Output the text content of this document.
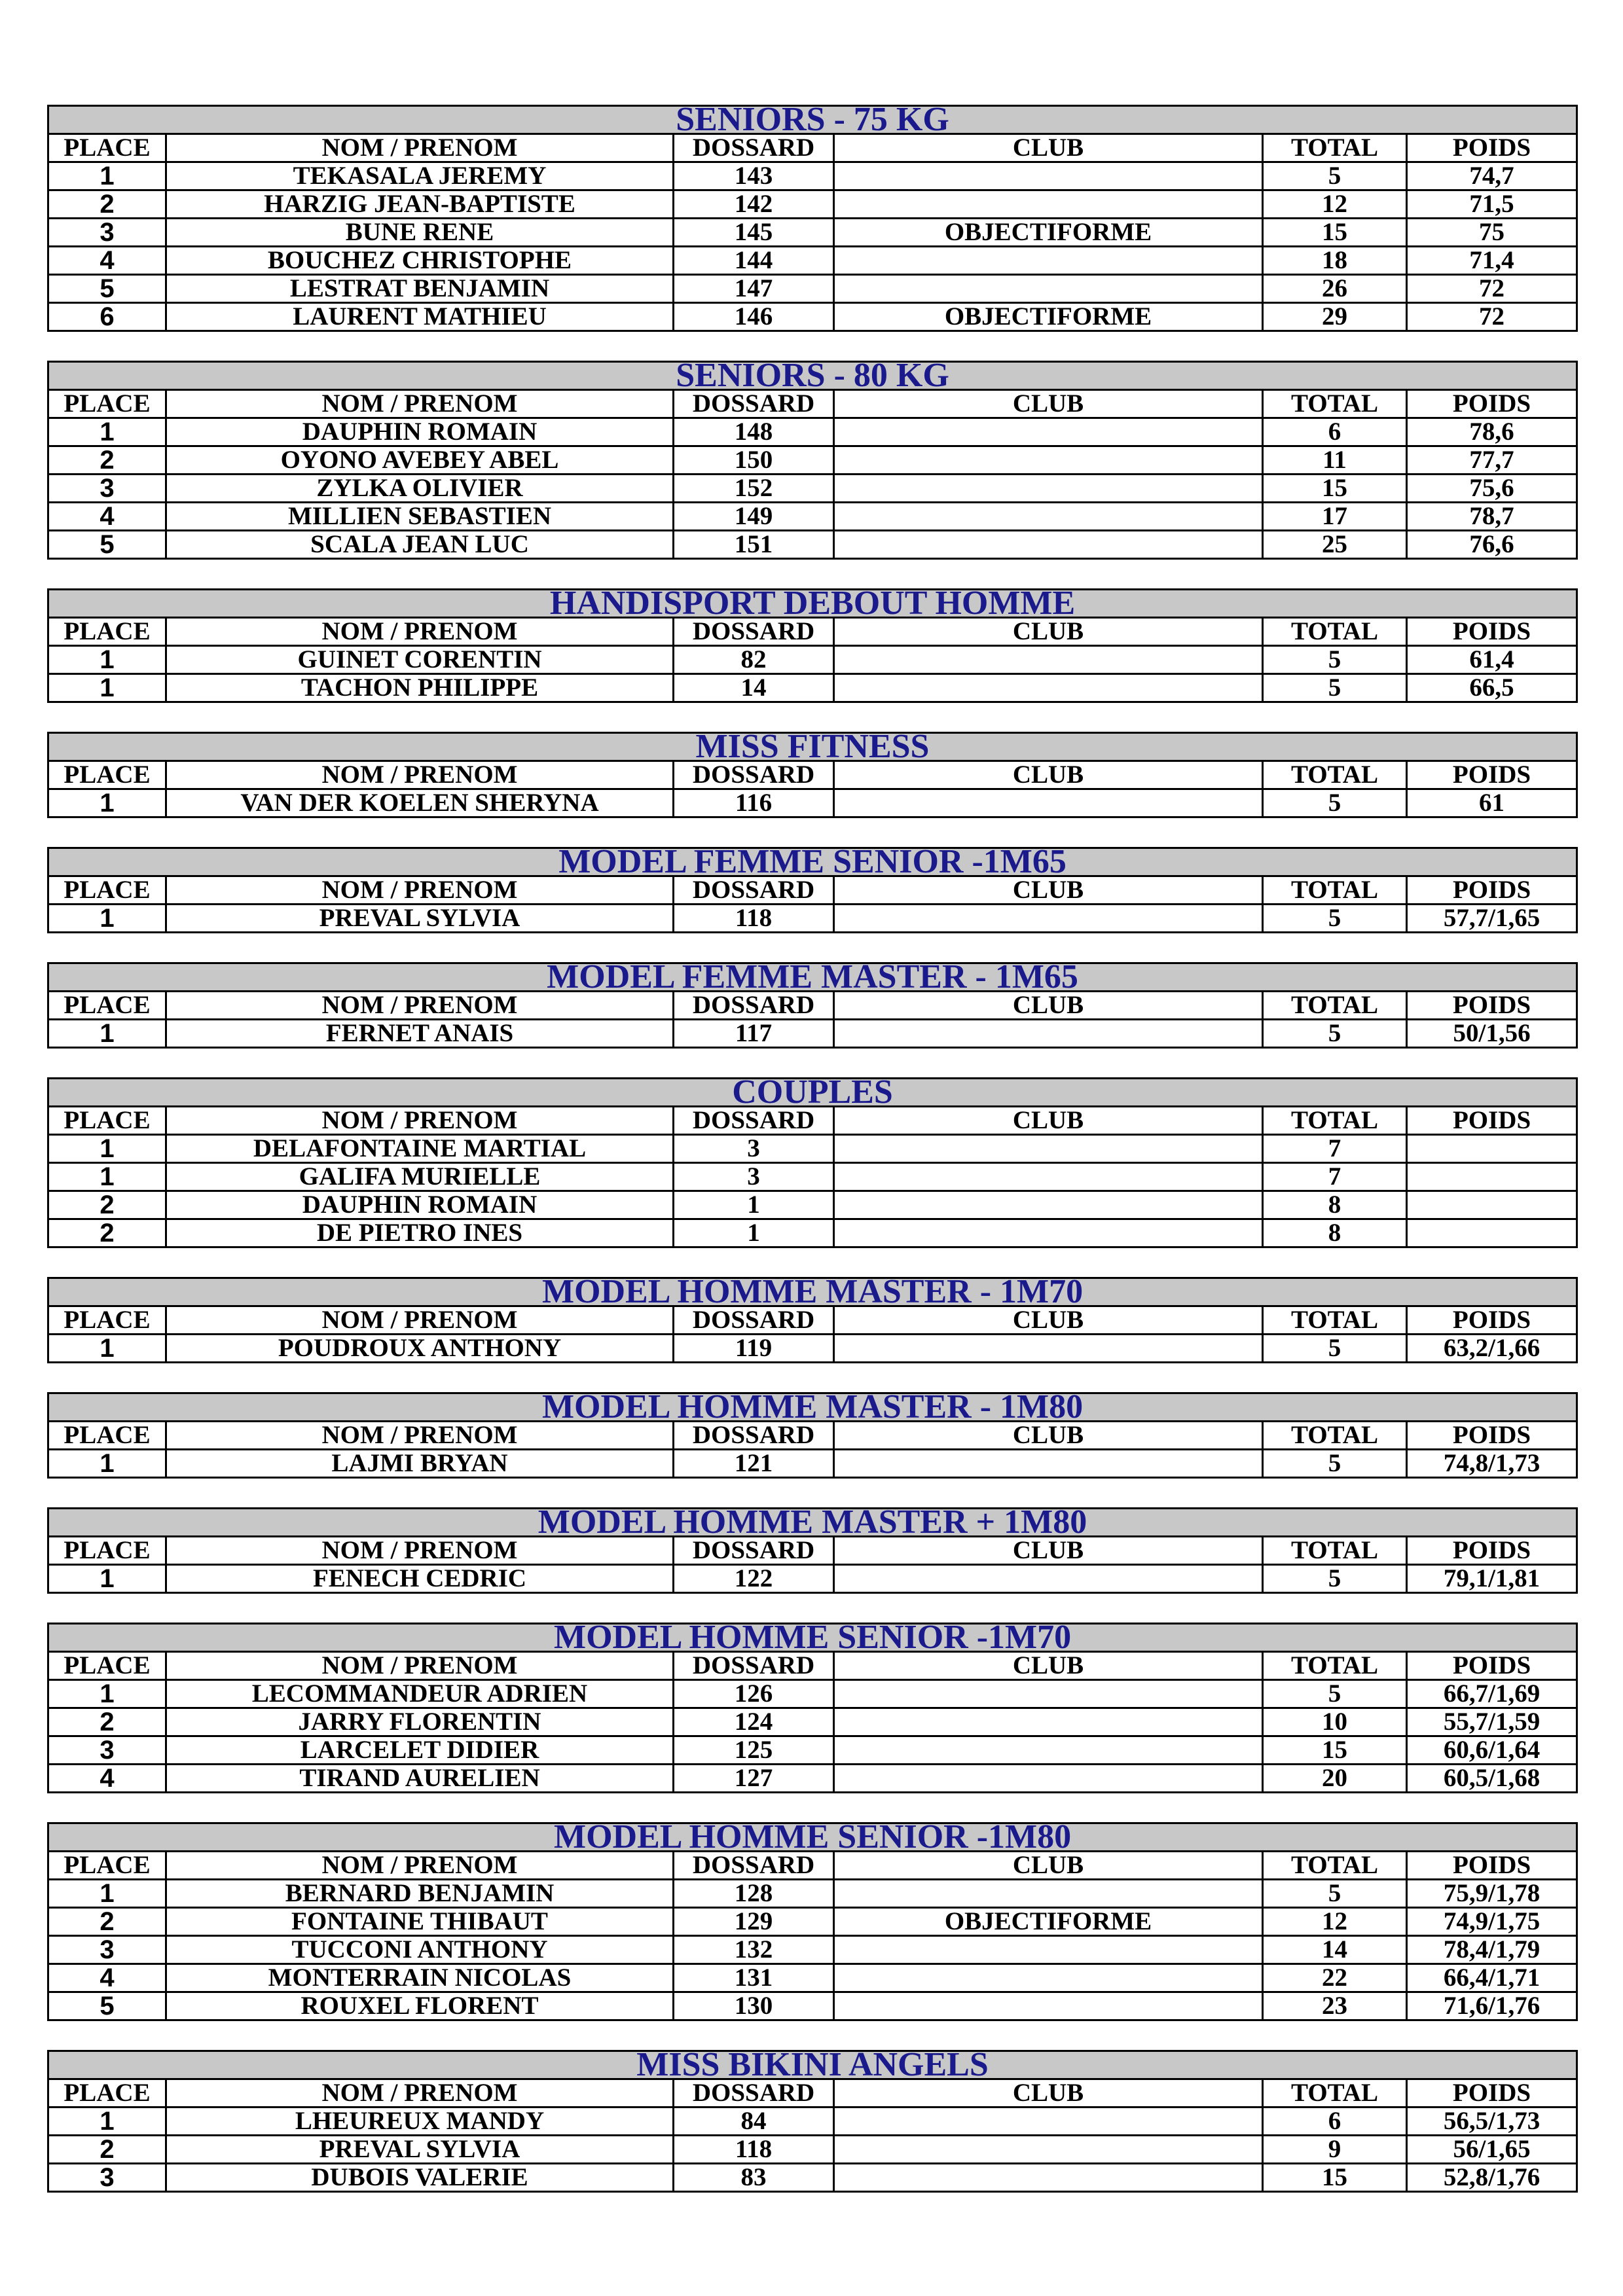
SENIORS - 75 KG					
PLACE	NOM / PRENOM	DOSSARD	CLUB	TOTAL	POIDS
1	TEKASALA JEREMY	143		5	74,7
2	HARZIG JEAN-BAPTISTE	142		12	71,5
3	BUNE RENE	145	OBJECTIFORME	15	75
4	BOUCHEZ CHRISTOPHE	144		18	71,4
5	LESTRAT BENJAMIN	147		26	72
6	LAURENT MATHIEU	146	OBJECTIFORME	29	72
SENIORS - 80 KG					
PLACE	NOM / PRENOM	DOSSARD	CLUB	TOTAL	POIDS
1	DAUPHIN ROMAIN	148		6	78,6
2	OYONO AVEBEY ABEL	150		11	77,7
3	ZYLKA OLIVIER	152		15	75,6
4	MILLIEN SEBASTIEN	149		17	78,7
5	SCALA JEAN LUC	151		25	76,6
HANDISPORT DEBOUT HOMME					
PLACE	NOM / PRENOM	DOSSARD	CLUB	TOTAL	POIDS
1	GUINET CORENTIN	82		5	61,4
1	TACHON PHILIPPE	14		5	66,5
MISS FITNESS					
PLACE	NOM / PRENOM	DOSSARD	CLUB	TOTAL	POIDS
1	VAN DER KOELEN SHERYNA	116		5	61
MODEL FEMME SENIOR -1M65					
PLACE	NOM / PRENOM	DOSSARD	CLUB	TOTAL	POIDS
1	PREVAL SYLVIA	118		5	57,7/1,65
MODEL FEMME MASTER - 1M65					
PLACE	NOM / PRENOM	DOSSARD	CLUB	TOTAL	POIDS
1	FERNET ANAIS	117		5	50/1,56
COUPLES					
PLACE	NOM / PRENOM	DOSSARD	CLUB	TOTAL	POIDS
1	DELAFONTAINE MARTIAL	3		7	
1	GALIFA MURIELLE	3		7	
2	DAUPHIN ROMAIN	1		8	
2	DE PIETRO INES	1		8	
MODEL HOMME MASTER - 1M70					
PLACE	NOM / PRENOM	DOSSARD	CLUB	TOTAL	POIDS
1	POUDROUX ANTHONY	119		5	63,2/1,66
MODEL HOMME MASTER - 1M80					
PLACE	NOM / PRENOM	DOSSARD	CLUB	TOTAL	POIDS
1	LAJMI BRYAN	121		5	74,8/1,73
MODEL HOMME MASTER + 1M80					
PLACE	NOM / PRENOM	DOSSARD	CLUB	TOTAL	POIDS
1	FENECH CEDRIC	122		5	79,1/1,81
MODEL HOMME SENIOR -1M70					
PLACE	NOM / PRENOM	DOSSARD	CLUB	TOTAL	POIDS
1	LECOMMANDEUR ADRIEN	126		5	66,7/1,69
2	JARRY FLORENTIN	124		10	55,7/1,59
3	LARCELET DIDIER	125		15	60,6/1,64
4	TIRAND AURELIEN	127		20	60,5/1,68
MODEL HOMME SENIOR -1M80					
PLACE	NOM / PRENOM	DOSSARD	CLUB	TOTAL	POIDS
1	BERNARD BENJAMIN	128		5	75,9/1,78
2	FONTAINE THIBAUT	129	OBJECTIFORME	12	74,9/1,75
3	TUCCONI ANTHONY	132		14	78,4/1,79
4	MONTERRAIN NICOLAS	131		22	66,4/1,71
5	ROUXEL FLORENT	130		23	71,6/1,76
MISS BIKINI ANGELS					
PLACE	NOM / PRENOM	DOSSARD	CLUB	TOTAL	POIDS
1	LHEUREUX MANDY	84		6	56,5/1,73
2	PREVAL SYLVIA	118		9	56/1,65
3	DUBOIS VALERIE	83		15	52,8/1,76
